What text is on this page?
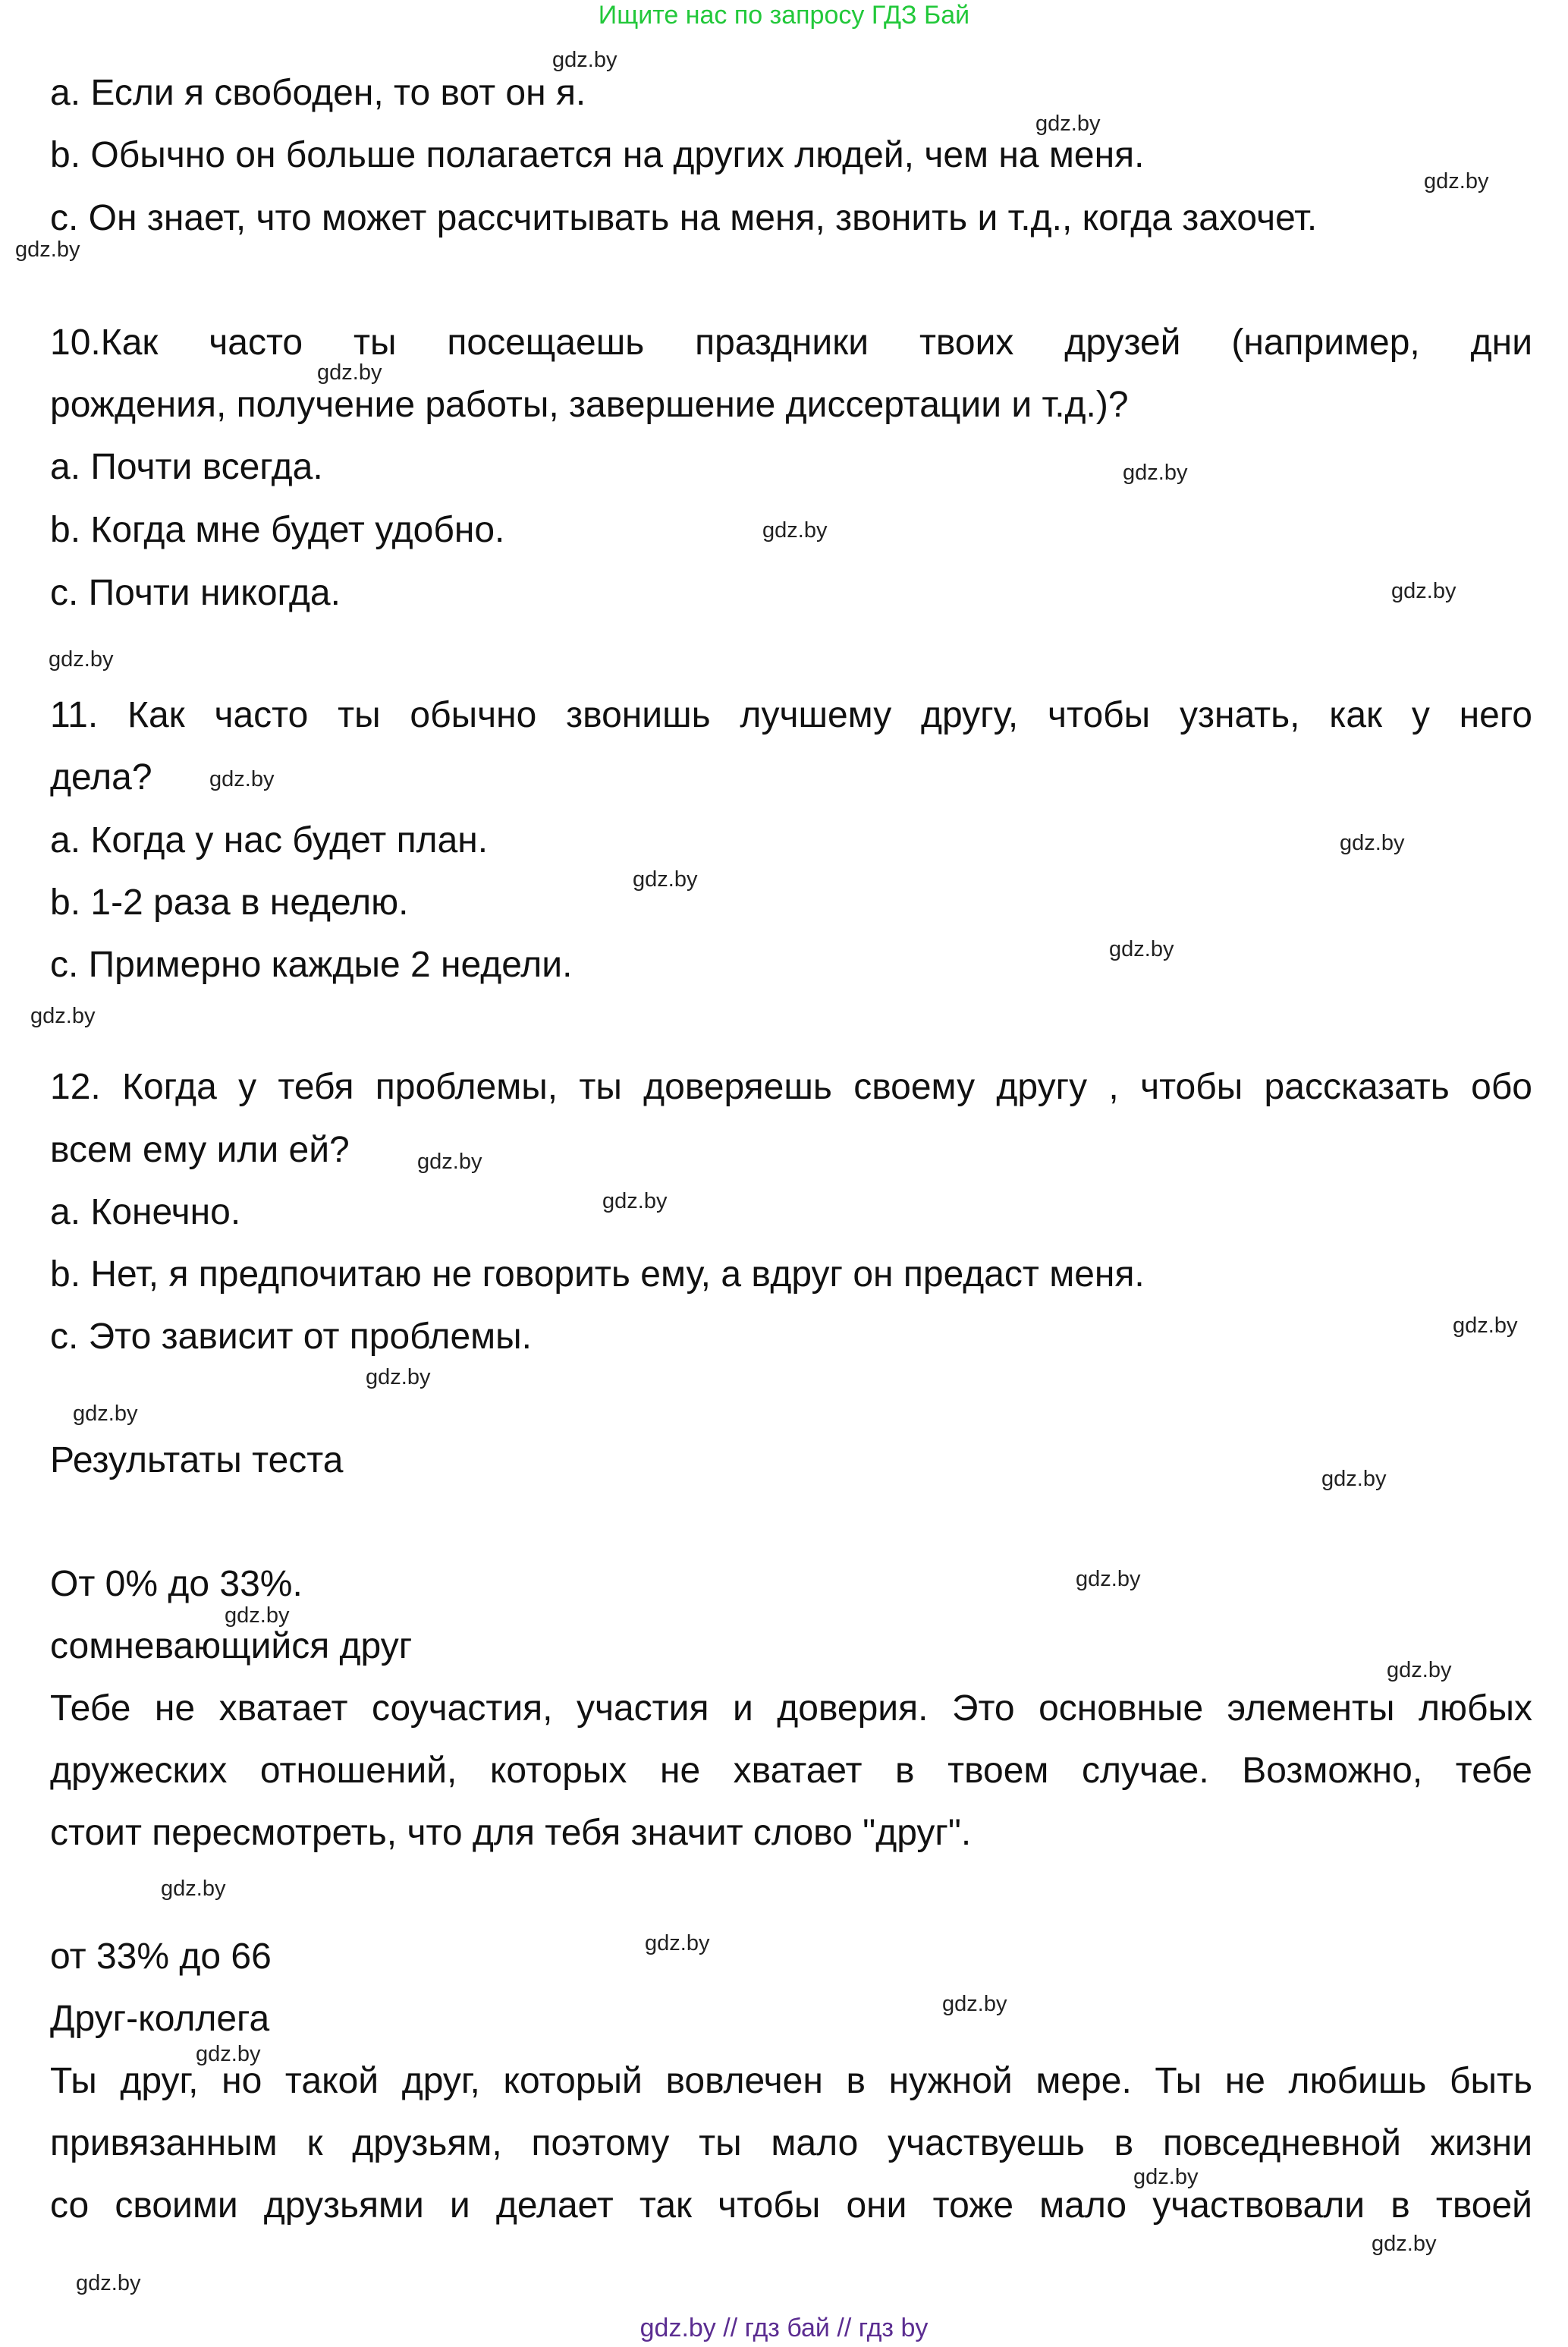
Ищите нас по запросу ГДЗ Бай

a. Если я свободен, то вот он я.

b. Обычно он больше полагается на других людей, чем на меня.

c. Он знает, что может рассчитывать на меня, звонить и т.д., когда захочет.

10.Как часто ты посещаешь праздники твоих друзей (например, дни

рождения, получение работы, завершение диссертации и т.д.)?

a. Почти всегда.

b. Когда мне будет удобно.

c. Почти никогда.

11. Как часто ты обычно звонишь лучшему другу, чтобы узнать, как у него

дела?

a. Когда у нас будет план.

b. 1-2 раза в неделю.

c. Примерно каждые 2 недели.

12. Когда у тебя проблемы, ты доверяешь своему другу , чтобы рассказать обо

всем ему или ей?

a. Конечно.

b. Нет, я предпочитаю не говорить ему, а вдруг он предаст меня.

c. Это зависит от проблемы.

Результаты теста

От 0% до 33%.

сомневающийся друг

Тебе не хватает соучастия, участия и доверия. Это основные элементы любых

дружеских отношений, которых не хватает в твоем случае. Возможно, тебе

стоит пересмотреть, что для тебя значит слово "друг".

от 33% до 66

Друг-коллега

Ты друг, но такой друг, который вовлечен в нужной мере. Ты не любишь быть

привязанным к друзьям, поэтому ты мало участвуешь в повседневной жизни

со своими друзьями и делает так чтобы они тоже мало участвовали в твоей

gdz.by
gdz.by
gdz.by
gdz.by
gdz.by
gdz.by
gdz.by
gdz.by
gdz.by
gdz.by
gdz.by
gdz.by
gdz.by
gdz.by
gdz.by
gdz.by
gdz.by
gdz.by
gdz.by
gdz.by
gdz.by
gdz.by
gdz.by
gdz.by
gdz.by
gdz.by
gdz.by
gdz.by
gdz.by
gdz.by
gdz.by // гдз бай // гдз by
